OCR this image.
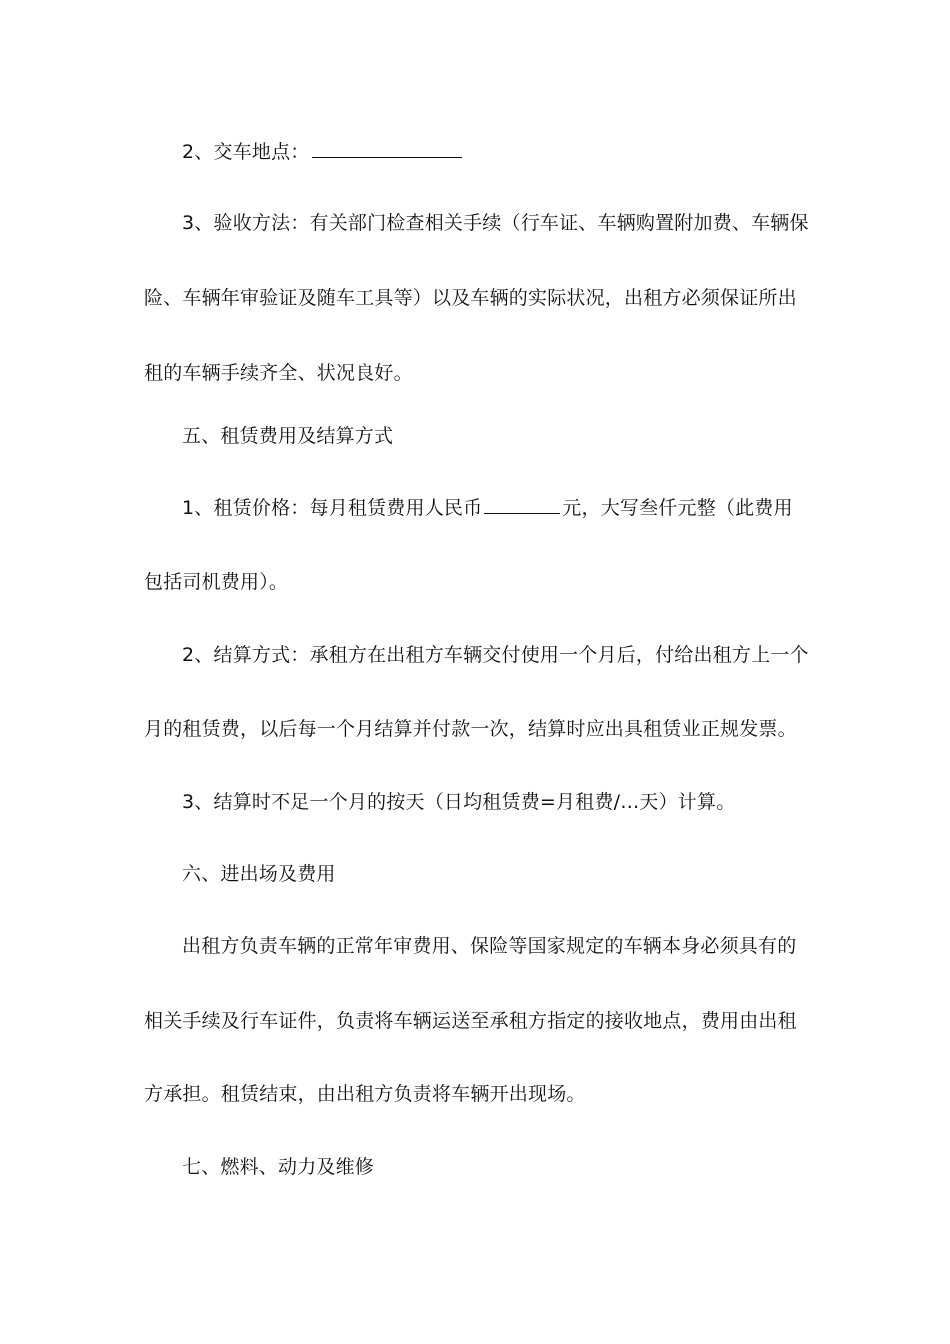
2、交车地点：
3、验收方法：有关部门检查相关手续（行车证、车辆购置附加费、车辆保
险、车辆年审验证及随车工具等）以及车辆的实际状况，出租方必须保证所出
租的车辆手续齐全、状况良好。
五、租赁费用及结算方式
1、租赁价格：每月租赁费用人民币	元，大写叁仟元整（此费用
包括司机费用）。
2、结算方式：承租方在出租方车辆交付使用一个月后，付给出租方上一个
月的租赁费，以后每一个月结算并付款一次，结算时应出具租赁业正规发票。
3、结算时不足一个月的按天（日均租赁费=月租费/…天）计算。
六、进出场及费用
出租方负责车辆的正常年审费用、保险等国家规定的车辆本身必须具有的
相关手续及行车证件，负责将车辆运送至承租方指定的接收地点，费用由出租
方承担。租赁结束，由出租方负责将车辆开出现场。
七、燃料、动力及维修
